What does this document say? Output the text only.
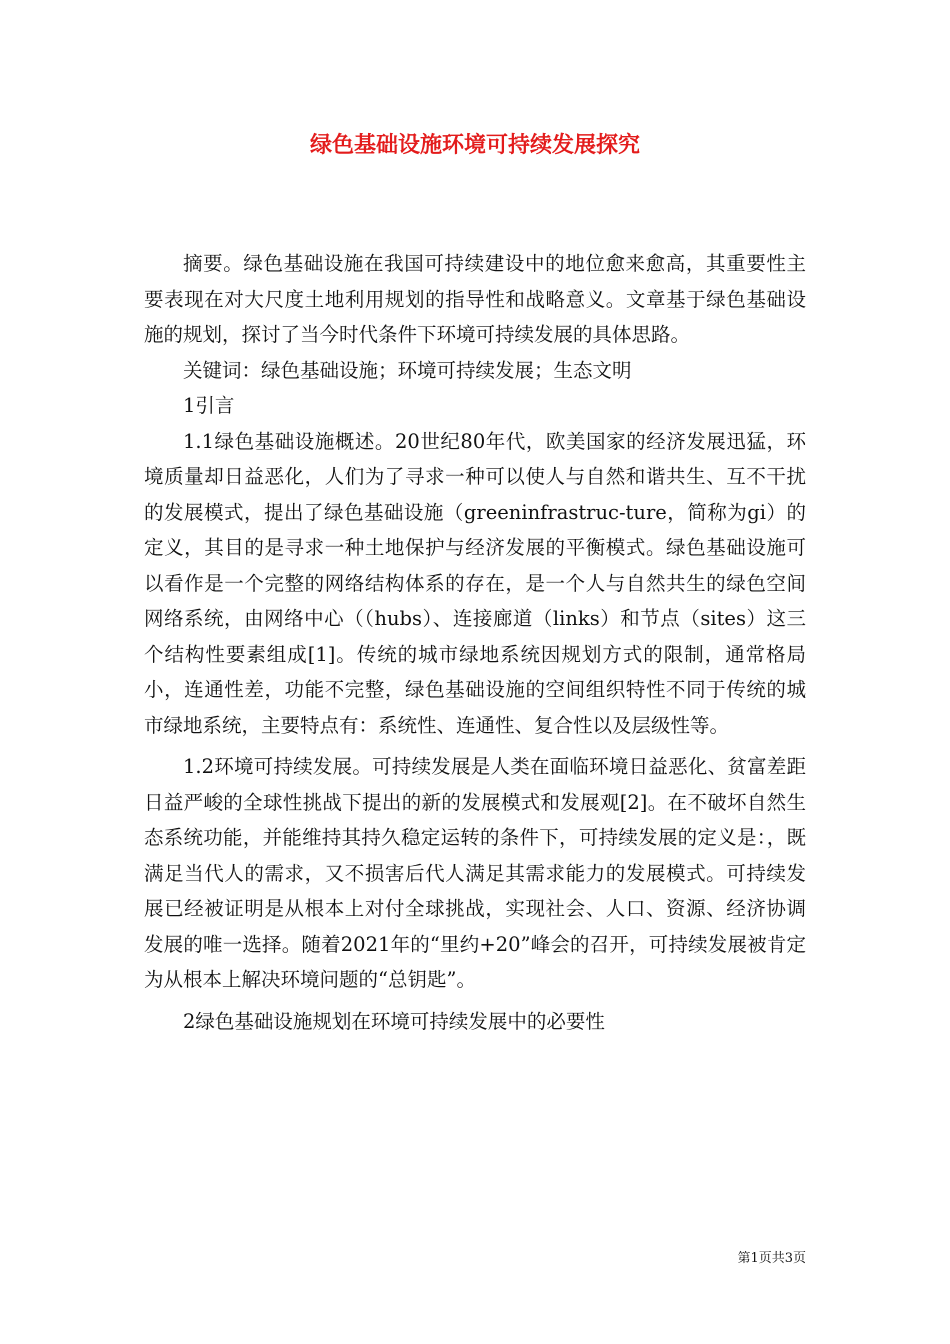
绿色基础设施环境可持续发展探究

摘要。绿色基础设施在我国可持续建设中的地位愈来愈高，其重要性主要表现在对大尺度土地利用规划的指导性和战略意义。文章基于绿色基础设施的规划，探讨了当今时代条件下环境可持续发展的具体思路。

关键词：绿色基础设施；环境可持续发展；生态文明

1引言

1.1绿色基础设施概述。20世纪80年代，欧美国家的经济发展迅猛，环境质量却日益恶化，人们为了寻求一种可以使人与自然和谐共生、互不干扰的发展模式，提出了绿色基础设施（greeninfrastruc-ture，简称为gi）的定义，其目的是寻求一种土地保护与经济发展的平衡模式。绿色基础设施可以看作是一个完整的网络结构体系的存在，是一个人与自然共生的绿色空间网络系统，由网络中心（（hubs）、连接廊道（links）和节点（sites）这三个结构性要素组成[1]。传统的城市绿地系统因规划方式的限制，通常格局小，连通性差，功能不完整，绿色基础设施的空间组织特性不同于传统的城市绿地系统，主要特点有：系统性、连通性、复合性以及层级性等。

1.2环境可持续发展。可持续发展是人类在面临环境日益恶化、贫富差距日益严峻的全球性挑战下提出的新的发展模式和发展观[2]。在不破坏自然生态系统功能，并能维持其持久稳定运转的条件下，可持续发展的定义是：，既满足当代人的需求，又不损害后代人满足其需求能力的发展模式。可持续发展已经被证明是从根本上对付全球挑战，实现社会、人口、资源、经济协调发展的唯一选择。随着2021年的“里约+20”峰会的召开，可持续发展被肯定为从根本上解决环境问题的“总钥匙”。

2绿色基础设施规划在环境可持续发展中的必要性

第1页共3页
